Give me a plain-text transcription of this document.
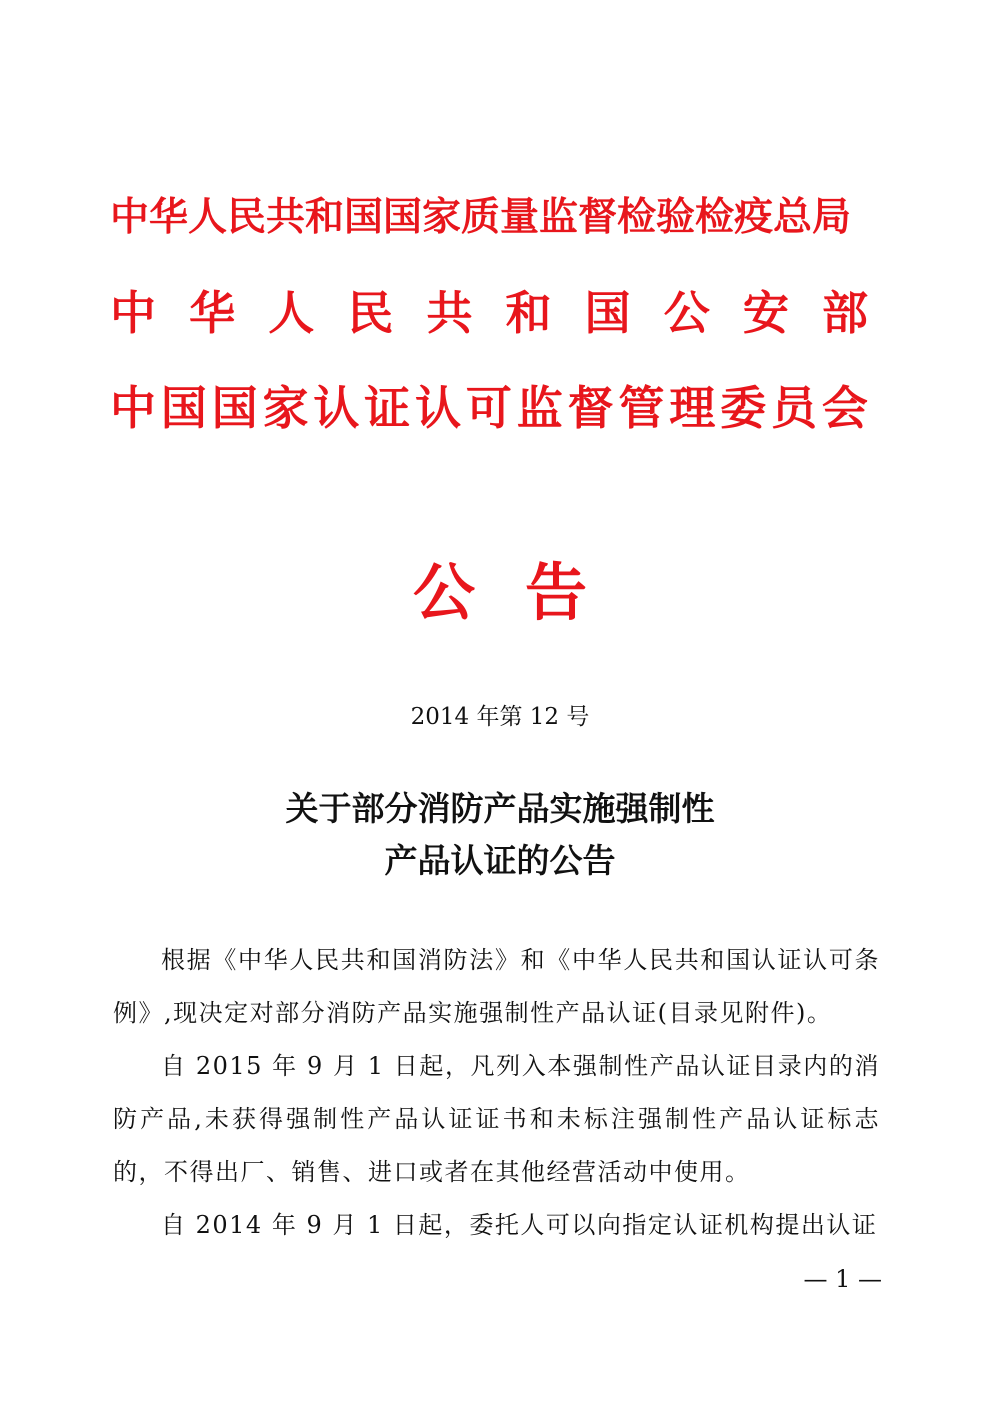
中华人民共和国国家质量监督检验检疫总局
中 华 人 民 共 和 国 公 安 部
中 国 国 家 认 证 认 可 监 督 管 理 委 员 会
公告
2014 年第 12 号
关于部分消防产品实施强制性
产品认证的公告

根据《中华人民共和国消防法》和《中华人民共和国认证认可条例》,现决定对部分消防产品实施强制性产品认证(目录见附件)。

自 2015 年 9 月 1 日起，凡列入本强制性产品认证目录内的消防产品,未获得强制性产品认证证书和未标注强制性产品认证标志的，不得出厂、销售、进口或者在其他经营活动中使用。

自 2014 年 9 月 1 日起，委托人可以向指定认证机构提出认证

— 1 —
